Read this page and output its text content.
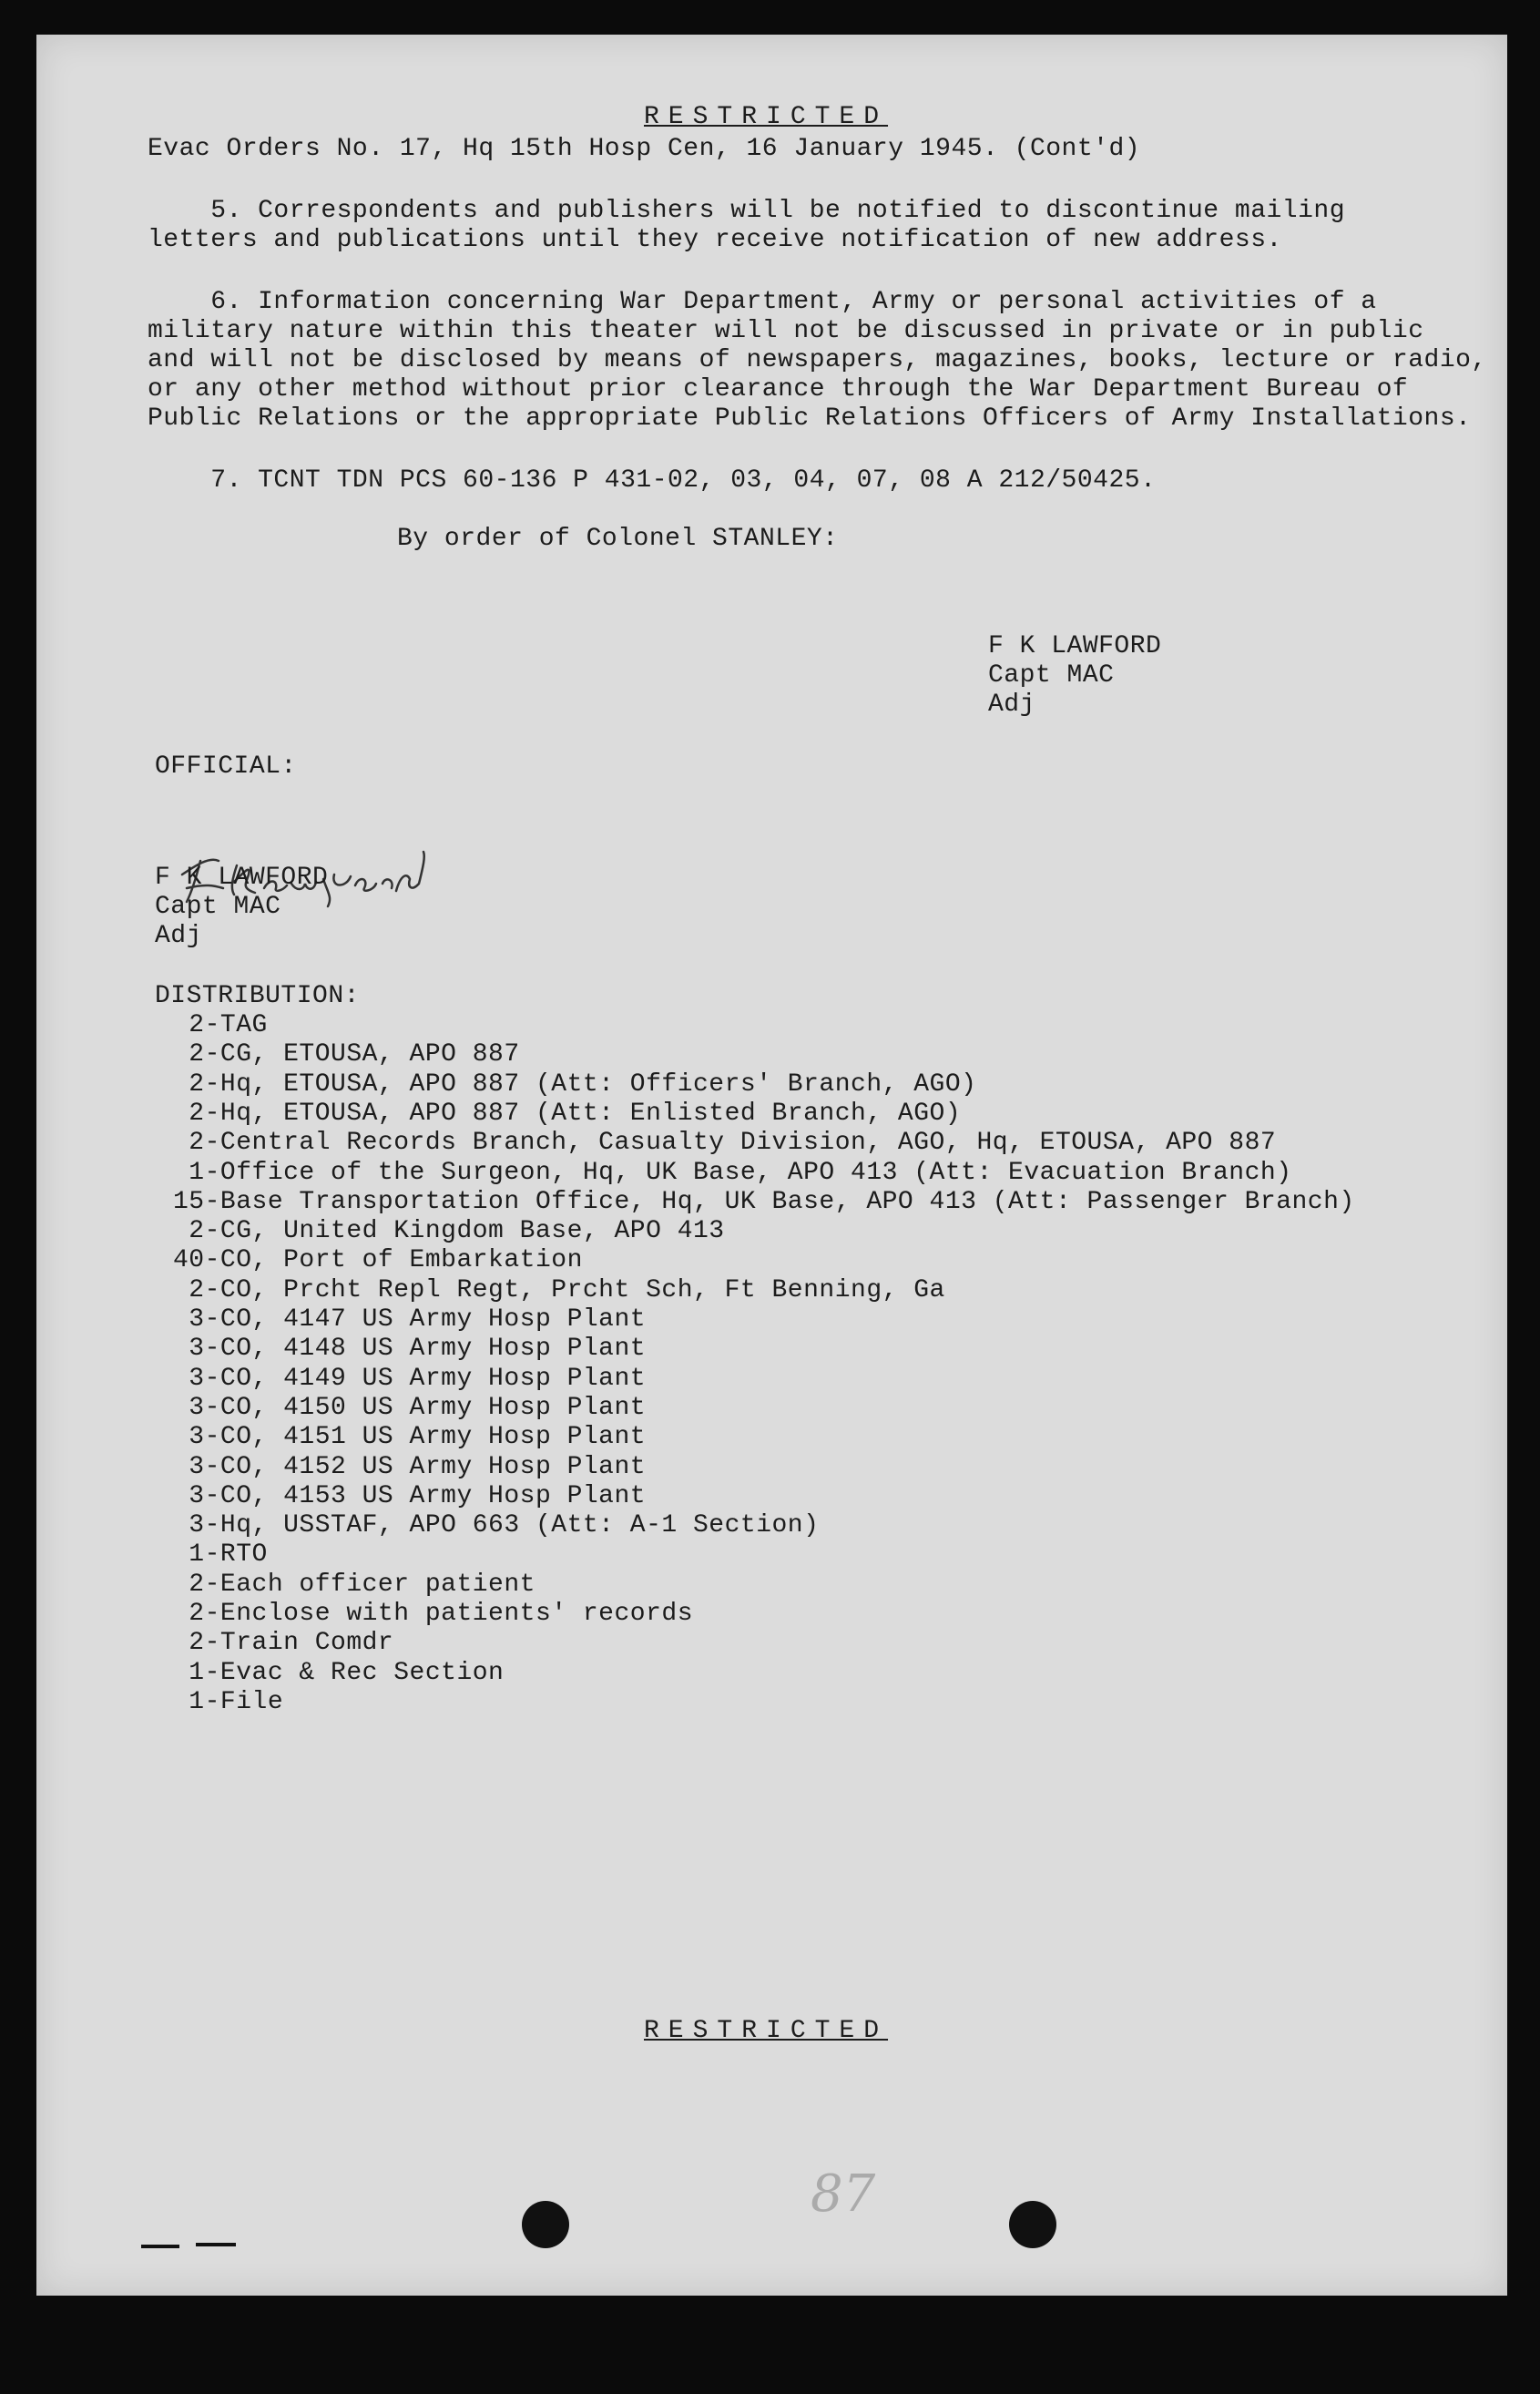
RESTRICTED
Evac Orders No. 17, Hq 15th Hosp Cen, 16 January 1945. (Cont'd)
5. Correspondents and publishers will be notified to discontinue mailing
letters and publications until they receive notification of new address.
6. Information concerning War Department, Army or personal activities of a
military nature within this theater will not be discussed in private or in public
and will not be disclosed by means of newspapers, magazines, books, lecture or radio,
or any other method without prior clearance through the War Department Bureau of
Public Relations or the appropriate Public Relations Officers of Army Installations.
7. TCNT TDN PCS 60-136 P 431-02, 03, 04, 07, 08 A 212/50425.
By order of Colonel STANLEY:
F K LAWFORD
Capt MAC
Adj
OFFICIAL:
F K LAWFORD
Capt MAC
Adj
DISTRIBUTION:
2-TAG
2-CG, ETOUSA, APO 887
2-Hq, ETOUSA, APO 887 (Att: Officers' Branch, AGO)
2-Hq, ETOUSA, APO 887 (Att: Enlisted Branch, AGO)
2-Central Records Branch, Casualty Division, AGO, Hq, ETOUSA, APO 887
1-Office of the Surgeon, Hq, UK Base, APO 413 (Att: Evacuation Branch)
15-Base Transportation Office, Hq, UK Base, APO 413 (Att: Passenger Branch)
2-CG, United Kingdom Base, APO 413
40-CO, Port of Embarkation
2-CO, Prcht Repl Regt, Prcht Sch, Ft Benning, Ga
3-CO, 4147 US Army Hosp Plant
3-CO, 4148 US Army Hosp Plant
3-CO, 4149 US Army Hosp Plant
3-CO, 4150 US Army Hosp Plant
3-CO, 4151 US Army Hosp Plant
3-CO, 4152 US Army Hosp Plant
3-CO, 4153 US Army Hosp Plant
3-Hq, USSTAF, APO 663 (Att: A-1 Section)
1-RTO
2-Each officer patient
2-Enclose with patients' records
2-Train Comdr
1-Evac & Rec Section
1-File
RESTRICTED
87
